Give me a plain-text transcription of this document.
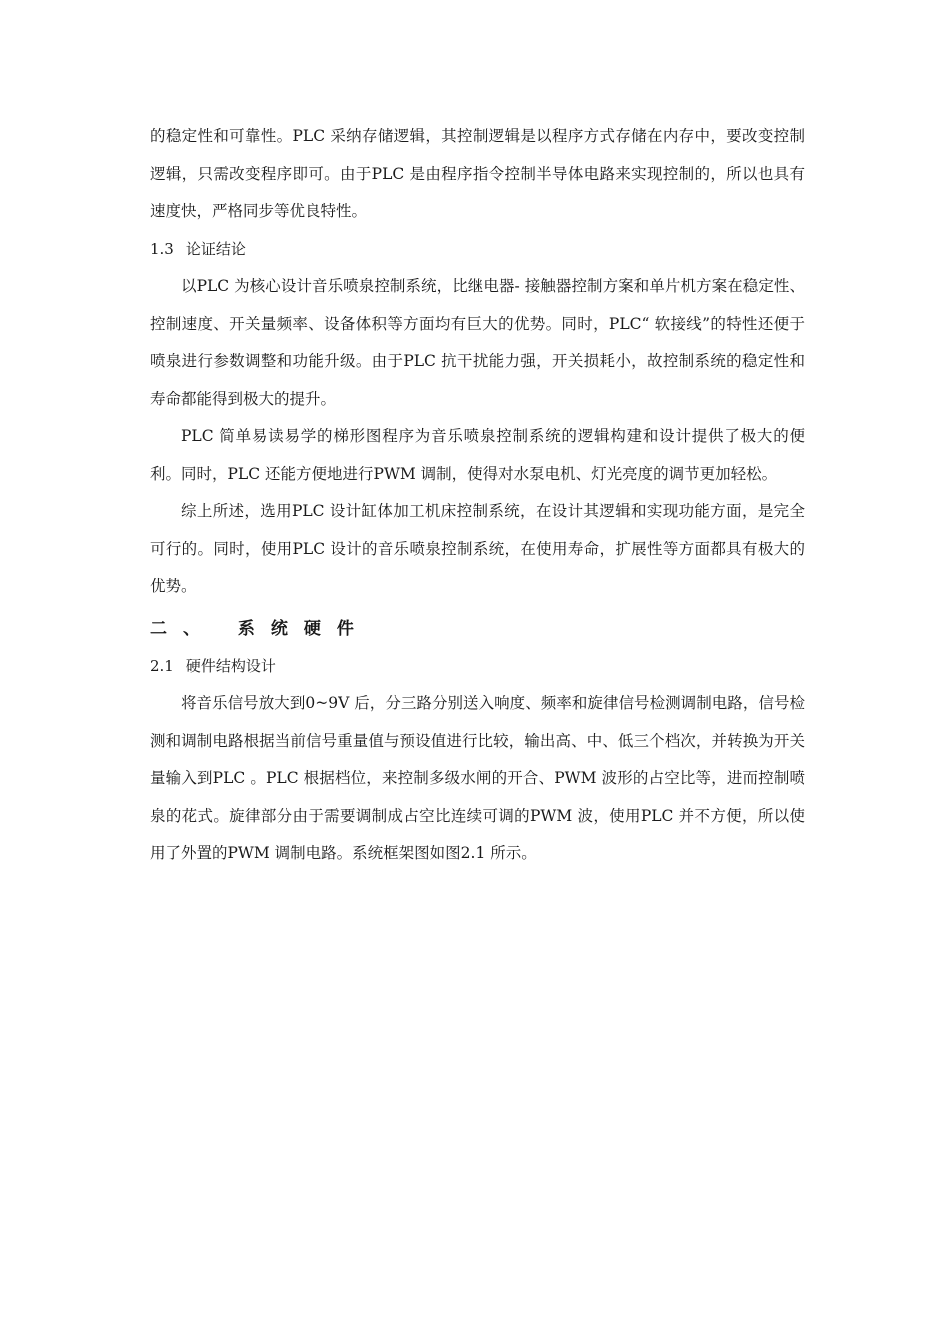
的稳定性和可靠性。PLC 采纳存储逻辑，其控制逻辑是以程序方式存储在内存中，要改变控制逻辑，只需改变程序即可。由于PLC 是由程序指令控制半导体电路来实现控制的，所以也具有速度快，严格同步等优良特性。

1.3 论证结论

以PLC 为核心设计音乐喷泉控制系统，比继电器- 接触器控制方案和单片机方案在稳定性、控制速度、开关量频率、设备体积等方面均有巨大的优势。同时，PLC“ 软接线”的特性还便于喷泉进行参数调整和功能升级。由于PLC 抗干扰能力强，开关损耗小，故控制系统的稳定性和寿命都能得到极大的提升。

PLC 简单易读易学的梯形图程序为音乐喷泉控制系统的逻辑构建和设计提供了极大的便利。同时，PLC 还能方便地进行PWM 调制，使得对水泵电机、灯光亮度的调节更加轻松。

综上所述，选用PLC 设计缸体加工机床控制系统，在设计其逻辑和实现功能方面，是完全可行的。同时，使用PLC 设计的音乐喷泉控制系统，在使用寿命，扩展性等方面都具有极大的优势。

二、 系统硬件

2.1 硬件结构设计

将音乐信号放大到0~9V 后，分三路分别送入响度、频率和旋律信号检测调制电路，信号检测和调制电路根据当前信号重量值与预设值进行比较，输出高、中、低三个档次，并转换为开关量输入到PLC 。PLC 根据档位，来控制多级水闸的开合、PWM 波形的占空比等，进而控制喷泉的花式。旋律部分由于需要调制成占空比连续可调的PWM 波，使用PLC 并不方便，所以使用了外置的PWM 调制电路。系统框架图如图2.1 所示。
